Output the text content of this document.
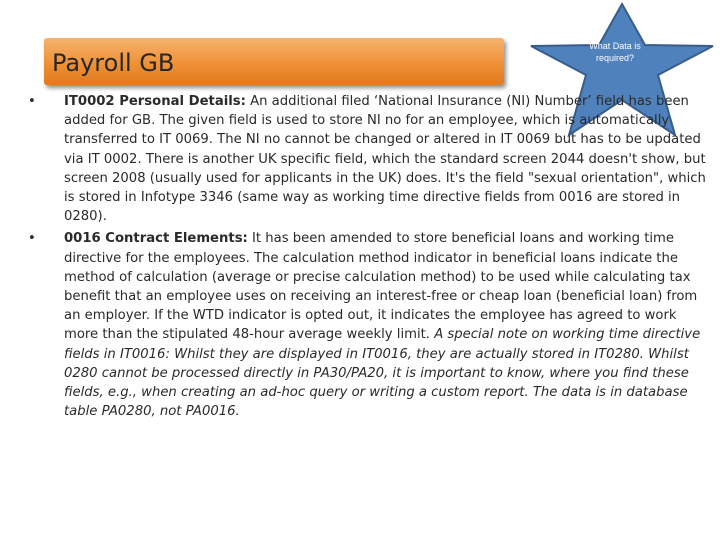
Payroll GB
What Data is required?
• IT0002 Personal Details: An additional filed ‘National Insurance (NI) Number’ field has been added for GB. The given field is used to store NI no for an employee, which is automatically transferred to IT 0069. The NI no cannot be changed or altered in IT 0069 but has to be updated via IT 0002. There is another UK specific field, which the standard screen 2044 doesn't show, but screen 2008 (usually used for applicants in the UK) does. It's the field "sexual orientation", which is stored in Infotype 3346 (same way as working time directive fields from 0016 are stored in 0280).
• 0016 Contract Elements: It has been amended to store beneficial loans and working time directive for the employees. The calculation method indicator in beneficial loans indicate the method of calculation (average or precise calculation method) to be used while calculating tax benefit that an employee uses on receiving an interest-free or cheap loan (beneficial loan) from an employer. If the WTD indicator is opted out, it indicates the employee has agreed to work more than the stipulated 48-hour average weekly limit. A special note on working time directive fields in IT0016: Whilst they are displayed in IT0016, they are actually stored in IT0280. Whilst 0280 cannot be processed directly in PA30/PA20, it is important to know, where you find these fields, e.g., when creating an ad-hoc query or writing a custom report. The data is in database table PA0280, not PA0016.
